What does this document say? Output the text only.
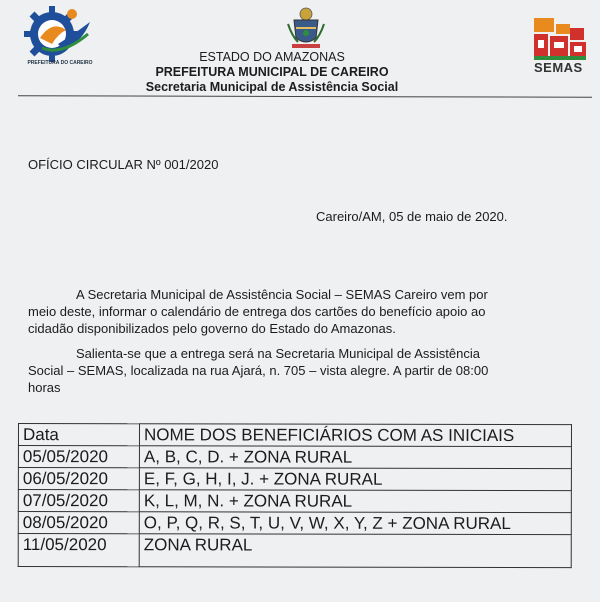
PREFEITURA DO CAREIRO	SEMAS
ESTADO DO AMAZONAS
PREFEITURA MUNICIPAL DE CAREIRO
Secretaria Municipal de Assistência Social
OFÍCIO CIRCULAR Nº 001/2020
Careiro/AM, 05 de maio de 2020.
A Secretaria Municipal de Assistência Social – SEMAS Careiro vem por meio deste, informar o calendário de entrega dos cartões do benefício apoio ao cidadão disponibilizados pelo governo do Estado do Amazonas.
Salienta-se que a entrega será na Secretaria Municipal de Assistência Social – SEMAS, localizada na rua Ajará, n. 705 – vista alegre. A partir de 08:00 horas
Data	NOME DOS BENEFICIÁRIOS COM AS INICIAIS
05/05/2020	A, B, C, D. + ZONA RURAL
06/05/2020	E, F, G, H, I, J. + ZONA RURAL
07/05/2020	K, L, M, N. + ZONA RURAL
08/05/2020	O, P, Q, R, S, T, U, V, W, X, Y, Z + ZONA RURAL
11/05/2020	ZONA RURAL
